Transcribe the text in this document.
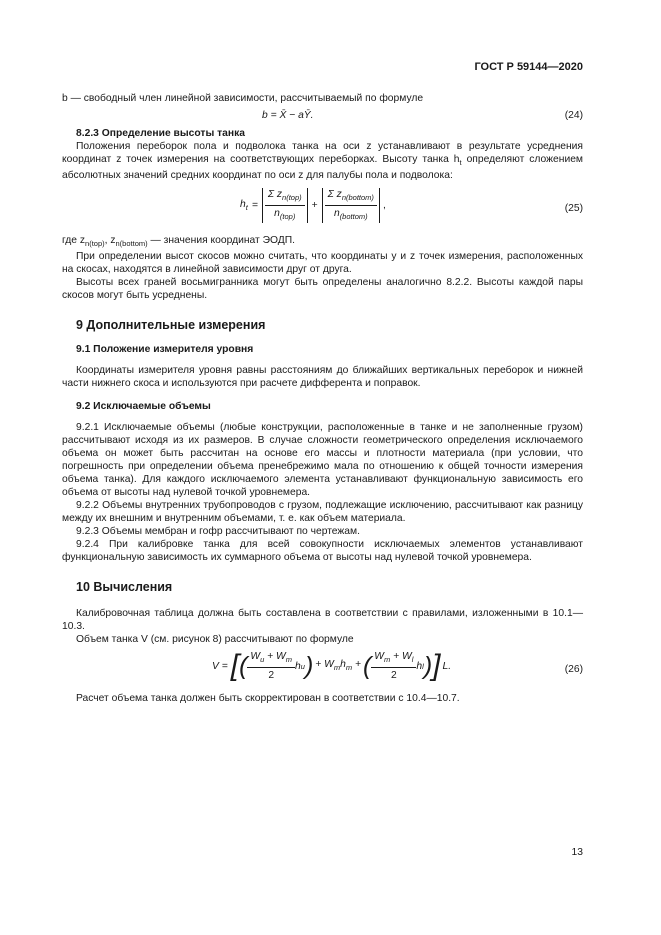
ГОСТ Р 59144—2020

b — свободный член линейной зависимости, рассчитываемый по формуле

b = X̄ − aȲ.	(24)

8.2.3 Определение высоты танка

Положения переборок пола и подволока танка на оси z устанавливают в результате усреднения координат z точек измерения на соответствующих переборках. Высоту танка $h_t$ определяют сложением абсолютных значений средних координат по оси z для палубы пола и подволока:

$h_t = \frac{\Sigma z_{n(top)}}{n_{(top)}} + \frac{\Sigma z_{n(bottom)}}{n_{(bottom)}}$ ,	(25)

где $z_{n(top)}$, $z_{n(bottom)}$ — значения координат ЭОДП.

При определении высот скосов можно считать, что координаты y и z точек измерения, расположенных на скосах, находятся в линейной зависимости друг от друга.

Высоты всех граней восьмигранника могут быть определены аналогично 8.2.2. Высоты каждой пары скосов могут быть усреднены.

9 Дополнительные измерения

9.1 Положение измерителя уровня

Координаты измерителя уровня равны расстояниям до ближайших вертикальных переборок и нижней части нижнего скоса и используются при расчете дифферента и поправок.

9.2 Исключаемые объемы

9.2.1 Исключаемые объемы (любые конструкции, расположенные в танке и не заполненные грузом) рассчитывают исходя из их размеров. В случае сложности геометрического определения исключаемого объема он может быть рассчитан на основе его массы и плотности материала (при условии, что погрешность при определении объема пренебрежимо мала по отношению к общей точности измерения объема танка). Для каждого исключаемого элемента устанавливают функциональную зависимость его объема от высоты над нулевой точкой уровнемера.

9.2.2 Объемы внутренних трубопроводов с грузом, подлежащие исключению, рассчитывают как разницу между их внешним и внутренним объемами, т. е. как объем материала.

9.2.3 Объемы мембран и гофр рассчитывают по чертежам.

9.2.4 При калибровке танка для всей совокупности исключаемых элементов устанавливают функциональную зависимость их суммарного объема от высоты над нулевой точкой уровнемера.

10 Вычисления

Калибровочная таблица должна быть составлена в соответствии с правилами, изложенными в 10.1—10.3.

Объем танка V (см. рисунок 8) рассчитывают по формуле

V = [ ( $\frac{W_u + W_m}{2}$ h u ) + $W_mh_m$ + ( $\frac{W_m + W_l}{2}$ h l ) ] L.	(26)

Расчет объема танка должен быть скорректирован в соответствии с 10.4—10.7.

13
